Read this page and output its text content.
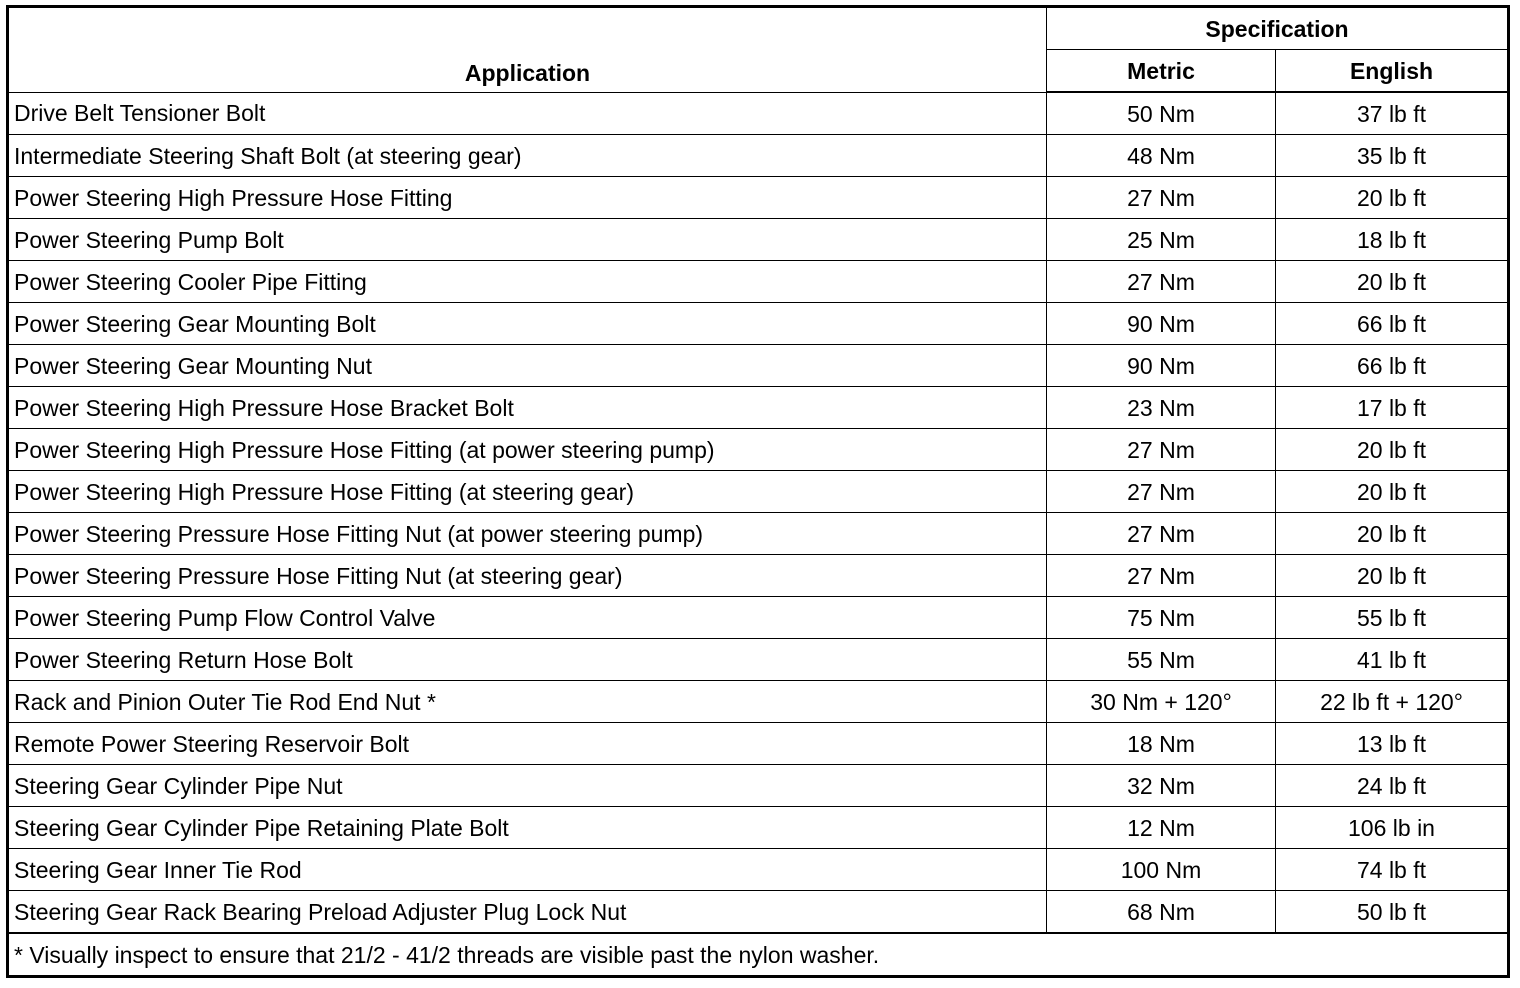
Application	Specification	
	Metric	English
Drive Belt Tensioner Bolt	50 Nm	37 lb ft
Intermediate Steering Shaft Bolt (at steering gear)	48 Nm	35 lb ft
Power Steering High Pressure Hose Fitting	27 Nm	20 lb ft
Power Steering Pump Bolt	25 Nm	18 lb ft
Power Steering Cooler Pipe Fitting	27 Nm	20 lb ft
Power Steering Gear Mounting Bolt	90 Nm	66 lb ft
Power Steering Gear Mounting Nut	90 Nm	66 lb ft
Power Steering High Pressure Hose Bracket Bolt	23 Nm	17 lb ft
Power Steering High Pressure Hose Fitting (at power steering pump)	27 Nm	20 lb ft
Power Steering High Pressure Hose Fitting (at steering gear)	27 Nm	20 lb ft
Power Steering Pressure Hose Fitting Nut (at power steering pump)	27 Nm	20 lb ft
Power Steering Pressure Hose Fitting Nut (at steering gear)	27 Nm	20 lb ft
Power Steering Pump Flow Control Valve	75 Nm	55 lb ft
Power Steering Return Hose Bolt	55 Nm	41 lb ft
Rack and Pinion Outer Tie Rod End Nut *	30 Nm + 120°	22 lb ft + 120°
Remote Power Steering Reservoir Bolt	18 Nm	13 lb ft
Steering Gear Cylinder Pipe Nut	32 Nm	24 lb ft
Steering Gear Cylinder Pipe Retaining Plate Bolt	12 Nm	106 lb in
Steering Gear Inner Tie Rod	100 Nm	74 lb ft
Steering Gear Rack Bearing Preload Adjuster Plug Lock Nut	68 Nm	50 lb ft
* Visually inspect to ensure that 21/2 - 41/2 threads are visible past the nylon washer.		
